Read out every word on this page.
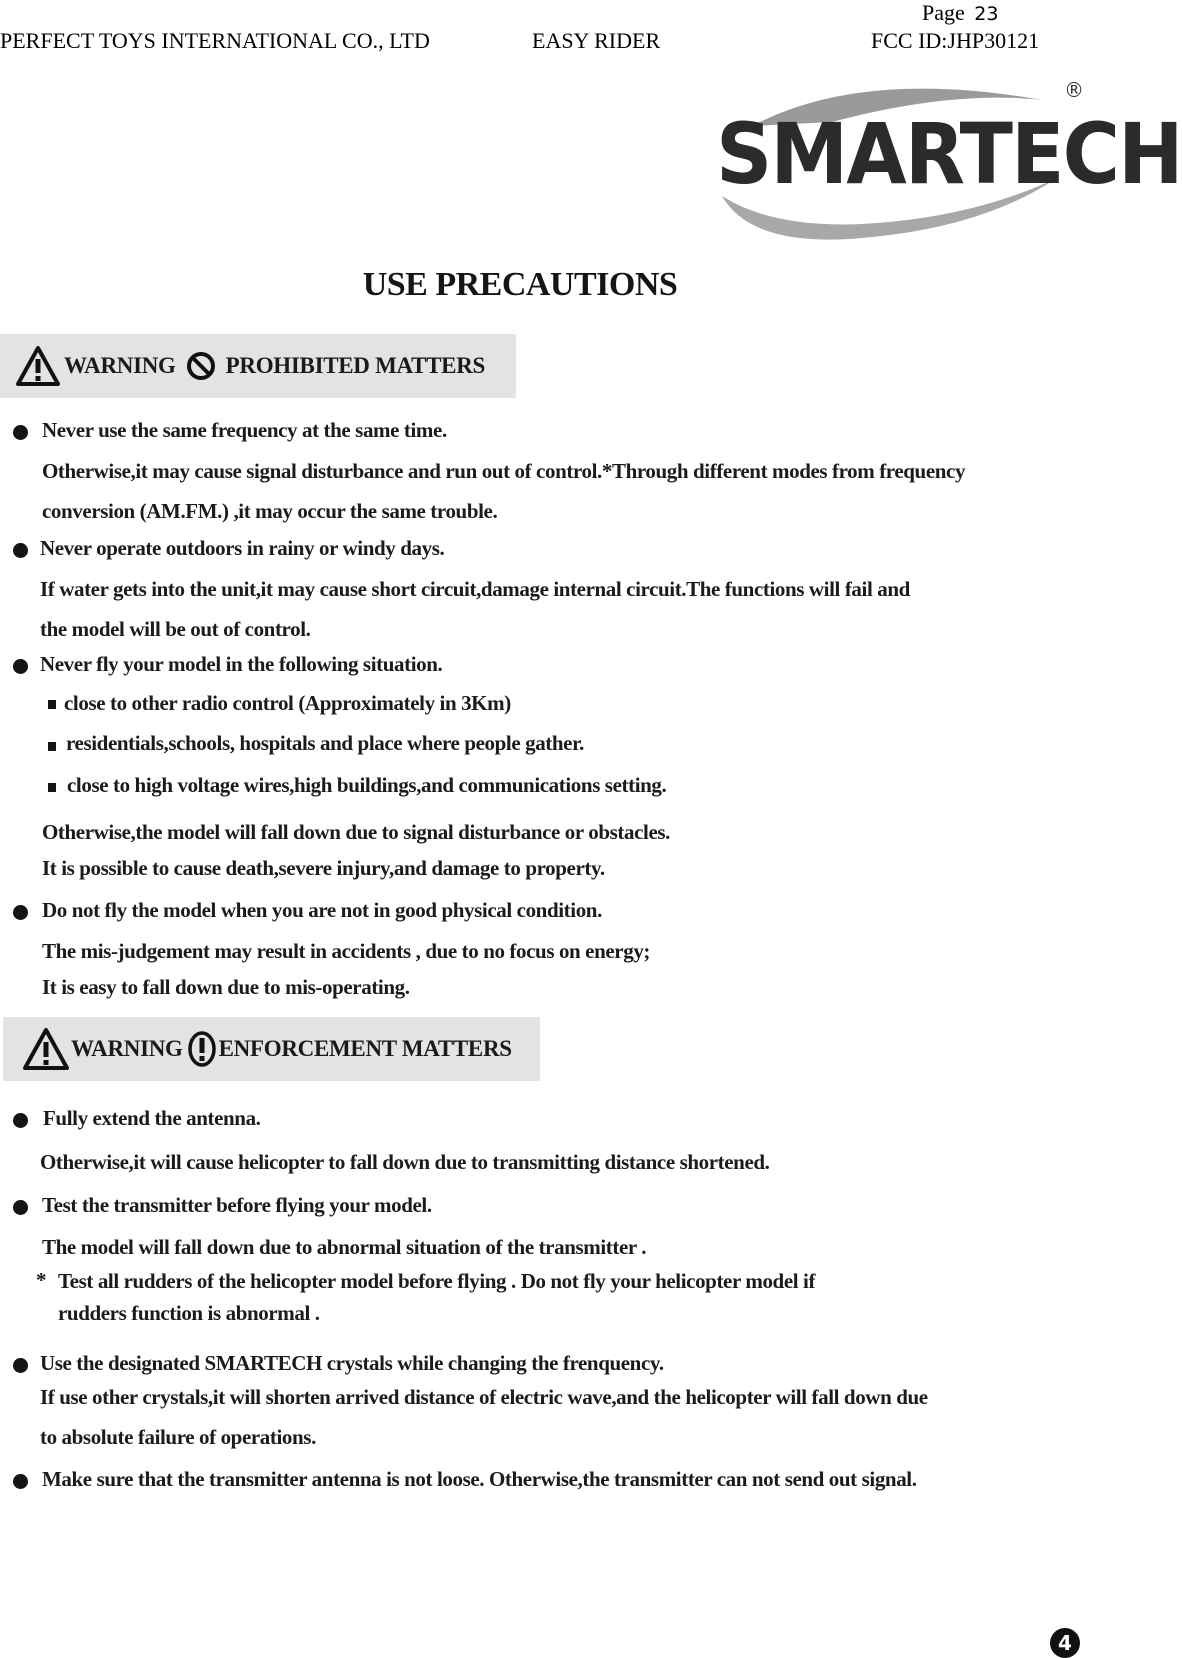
Page 23
PERFECT TOYS INTERNATIONAL CO., LTD	EASY RIDER	FCC ID:JHP30121
SMARTECH
®
USE PRECAUTIONS
WARNING PROHIBITED MATTERS
Never use the same frequency at the same time.
Otherwise,it may cause signal disturbance and run out of control.*Through different modes from frequency
conversion (AM.FM.) ,it may occur the same trouble.
Never operate outdoors in rainy or windy days.
If water gets into the unit,it may cause short circuit,damage internal circuit.The functions will fail and
the model will be out of control.
Never fly your model in the following situation.
close to other radio control (Approximately in 3Km)
residentials,schools, hospitals and place where people gather.
close to high voltage wires,high buildings,and communications setting.
Otherwise,the model will fall down due to signal disturbance or obstacles.
It is possible to cause death,severe injury,and damage to property.
Do not fly the model when you are not in good physical condition.
The mis-judgement may result in accidents , due to no focus on energy;
It is easy to fall down due to mis-operating.
WARNING ENFORCEMENT MATTERS
Fully extend the antenna.
Otherwise,it will cause helicopter to fall down due to transmitting distance shortened.
Test the transmitter before flying your model.
The model will fall down due to abnormal situation of the transmitter .
* Test all rudders of the helicopter model before flying . Do not fly your helicopter model if
rudders function is abnormal .
Use the designated SMARTECH crystals while changing the frenquency.
If use other crystals,it will shorten arrived distance of electric wave,and the helicopter will fall down due
to absolute failure of operations.
Make sure that the transmitter antenna is not loose. Otherwise,the transmitter can not send out signal.
4
